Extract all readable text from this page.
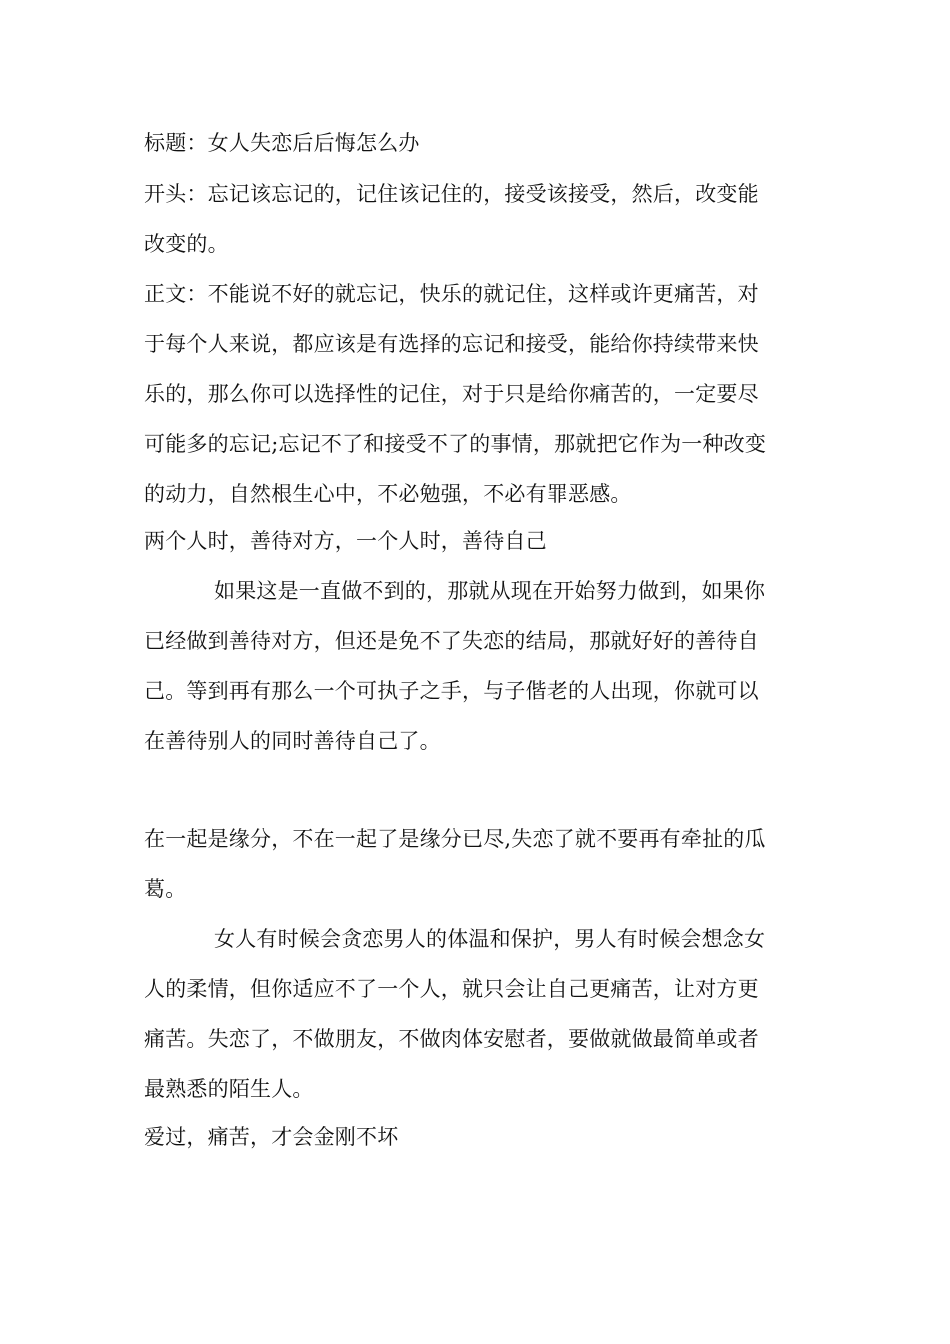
标题：女人失恋后后悔怎么办
开头：忘记该忘记的，记住该记住的，接受该接受，然后，改变能
改变的。
正文：不能说不好的就忘记，快乐的就记住，这样或许更痛苦，对
于每个人来说，都应该是有选择的忘记和接受，能给你持续带来快
乐的，那么你可以选择性的记住，对于只是给你痛苦的，一定要尽
可能多的忘记;忘记不了和接受不了的事情，那就把它作为一种改变
的动力，自然根生心中，不必勉强，不必有罪恶感。
两个人时，善待对方，一个人时，善待自己
如果这是一直做不到的，那就从现在开始努力做到，如果你
已经做到善待对方，但还是免不了失恋的结局，那就好好的善待自
己。等到再有那么一个可执子之手，与子偕老的人出现，你就可以
在善待别人的同时善待自己了。
在一起是缘分，不在一起了是缘分已尽,失恋了就不要再有牵扯的瓜
葛。
女人有时候会贪恋男人的体温和保护，男人有时候会想念女
人的柔情，但你适应不了一个人，就只会让自己更痛苦，让对方更
痛苦。失恋了，不做朋友，不做肉体安慰者，要做就做最简单或者
最熟悉的陌生人。
爱过，痛苦，才会金刚不坏
